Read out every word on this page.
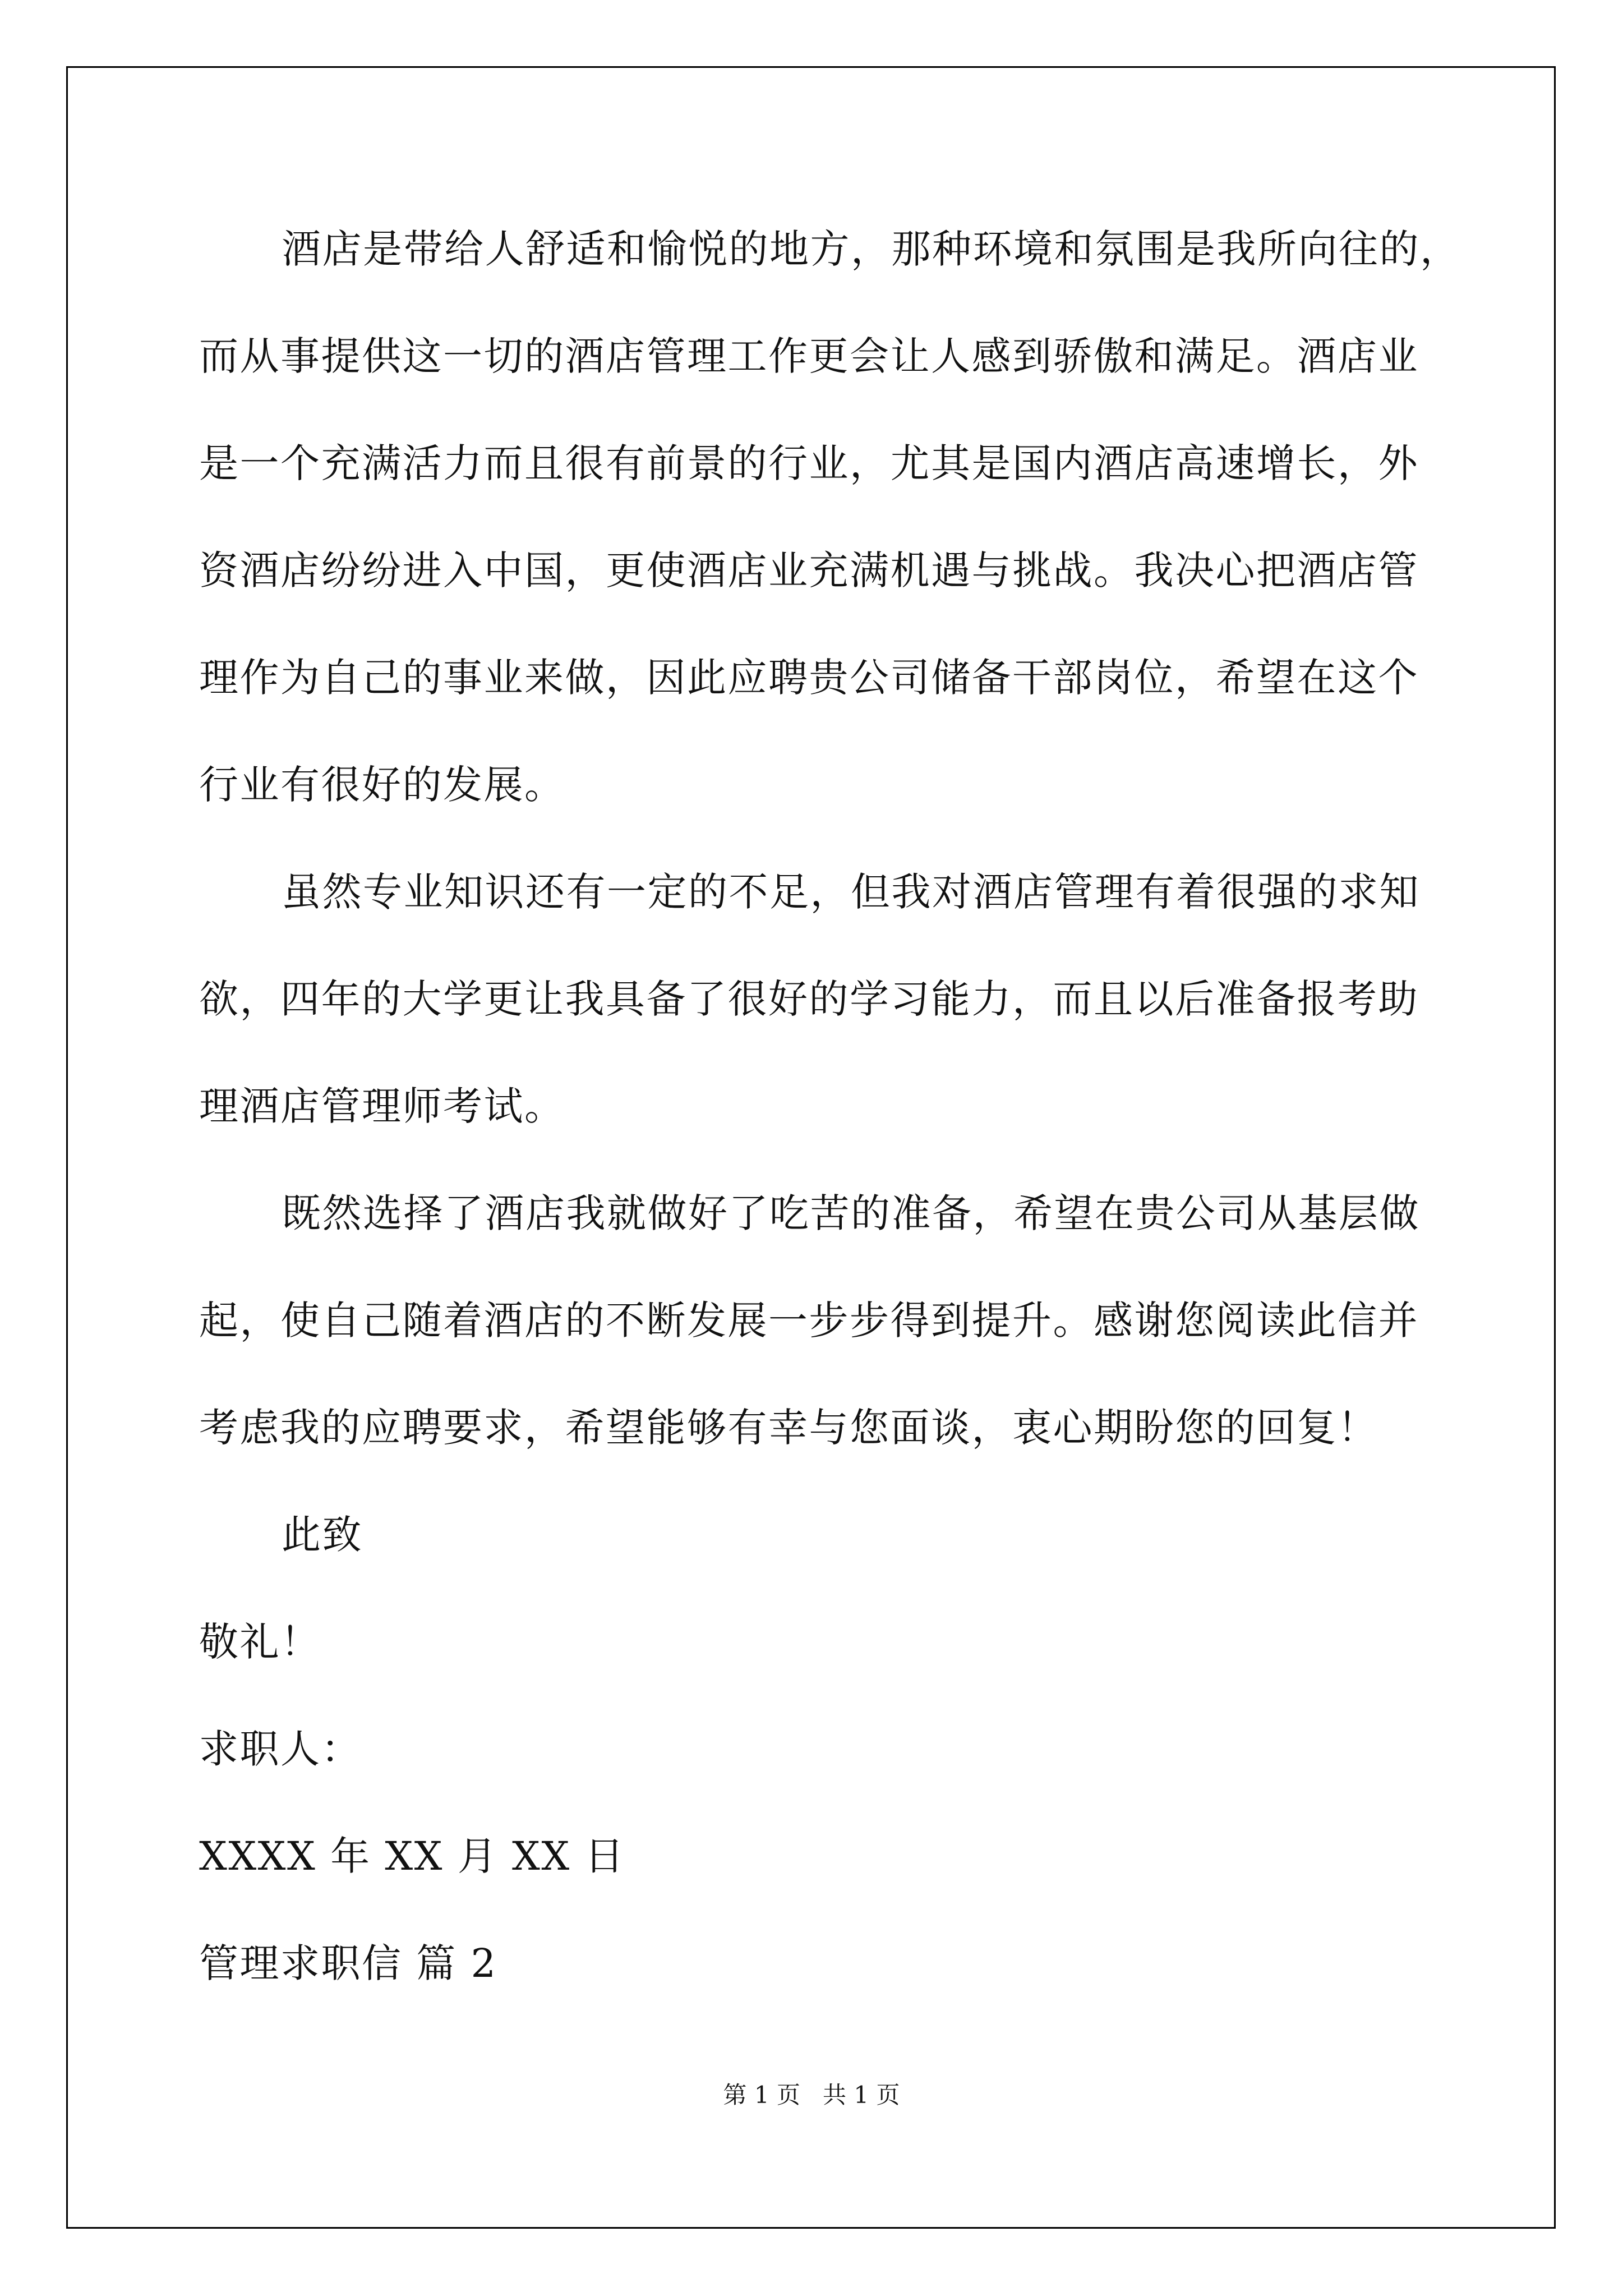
酒店是带给人舒适和愉悦的地方，那种环境和氛围是我所向往的，
而从事提供这一切的酒店管理工作更会让人感到骄傲和满足。酒店业
是一个充满活力而且很有前景的行业，尤其是国内酒店高速增长，外
资酒店纷纷进入中国，更使酒店业充满机遇与挑战。我决心把酒店管
理作为自己的事业来做，因此应聘贵公司储备干部岗位，希望在这个
行业有很好的发展。
虽然专业知识还有一定的不足，但我对酒店管理有着很强的求知
欲，四年的大学更让我具备了很好的学习能力，而且以后准备报考助
理酒店管理师考试。
既然选择了酒店我就做好了吃苦的准备，希望在贵公司从基层做
起，使自己随着酒店的不断发展一步步得到提升。感谢您阅读此信并
考虑我的应聘要求，希望能够有幸与您面谈，衷心期盼您的回复！
此致
敬礼！
求职人：
XXXX 年 XX 月 XX 日
管理求职信 篇 2
第 1 页   共 1 页
